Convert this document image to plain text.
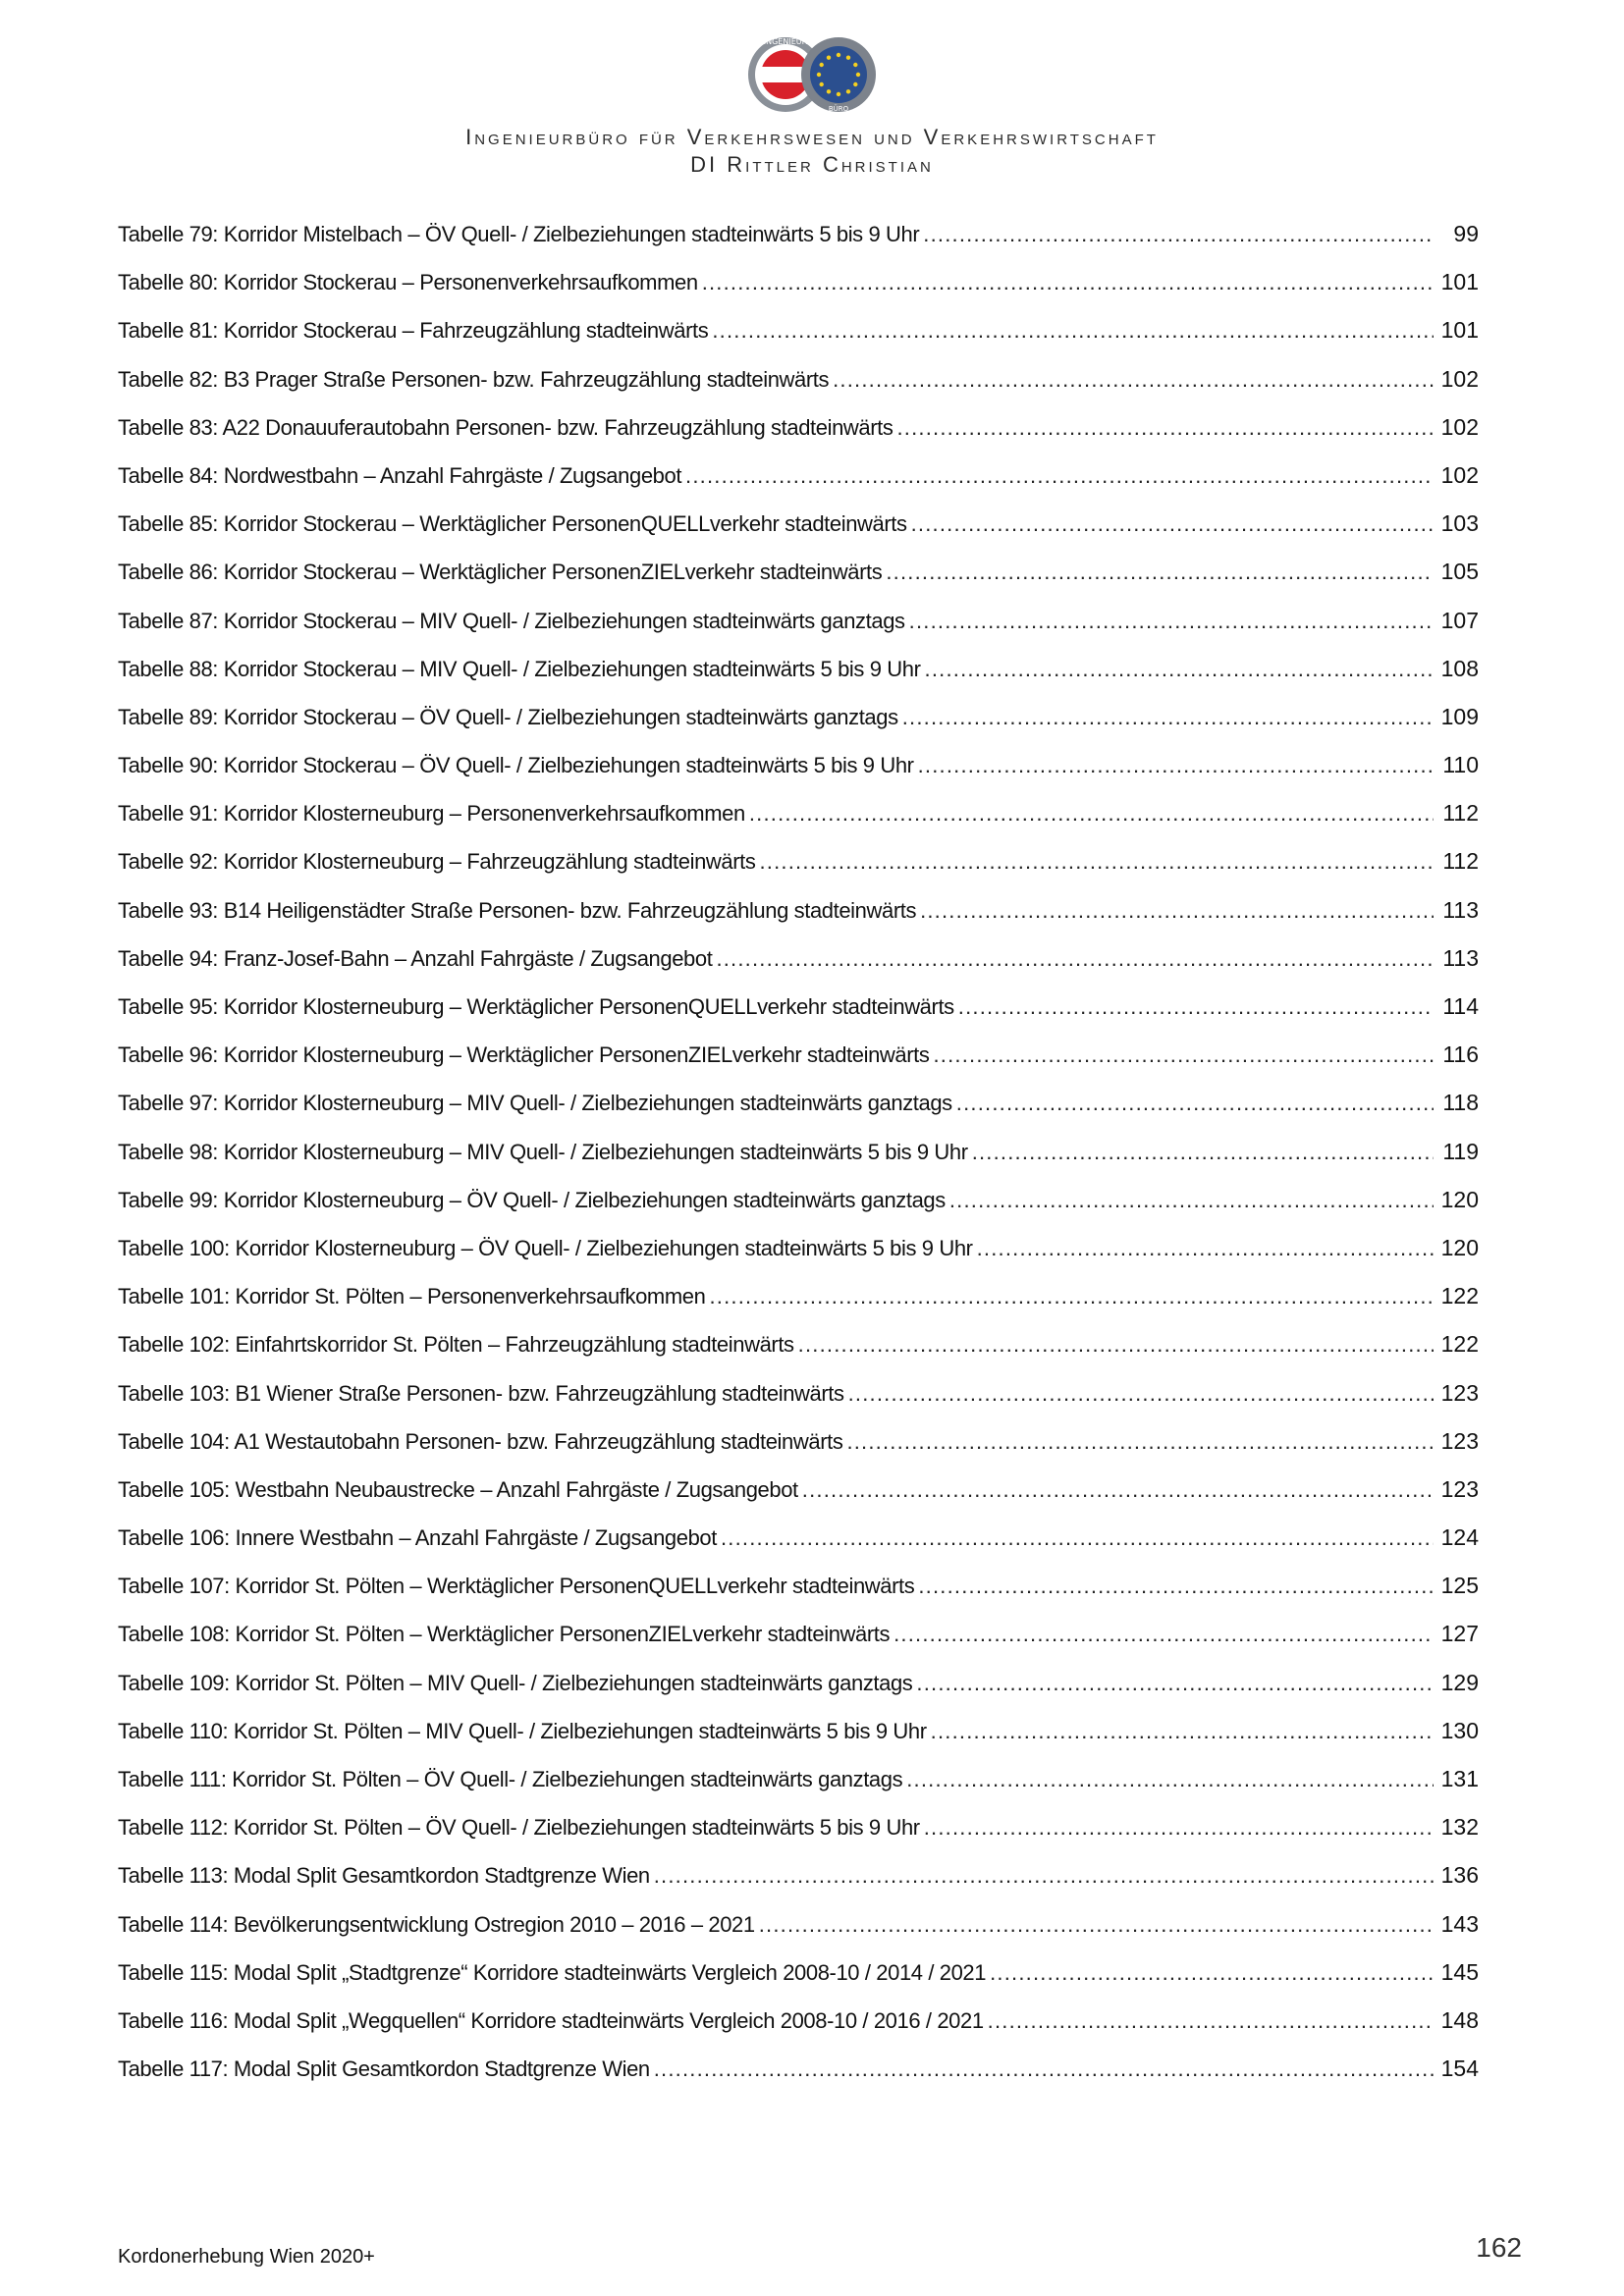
INGENIEUR
BÜRO
Ingenieurbüro für Verkehrswesen und Verkehrswirtschaft
DI Rittler Christian
Tabelle 79: Korridor Mistelbach – ÖV Quell- / Zielbeziehungen stadteinwärts 5 bis 9 Uhr .....	99
Tabelle 80: Korridor Stockerau – Personenverkehrsaufkommen .....	101
Tabelle 81: Korridor Stockerau – Fahrzeugzählung stadteinwärts .....	101
Tabelle 82: B3 Prager Straße Personen- bzw. Fahrzeugzählung stadteinwärts .....	102
Tabelle 83: A22 Donauuferautobahn Personen- bzw. Fahrzeugzählung stadteinwärts .....	102
Tabelle 84: Nordwestbahn – Anzahl Fahrgäste / Zugsangebot .....	102
Tabelle 85: Korridor Stockerau – Werktäglicher PersonenQUELLverkehr stadteinwärts .....	103
Tabelle 86: Korridor Stockerau – Werktäglicher PersonenZIELverkehr stadteinwärts .....	105
Tabelle 87: Korridor Stockerau – MIV Quell- / Zielbeziehungen stadteinwärts ganztags .....	107
Tabelle 88: Korridor Stockerau – MIV Quell- / Zielbeziehungen stadteinwärts 5 bis 9 Uhr .....	108
Tabelle 89: Korridor Stockerau – ÖV Quell- / Zielbeziehungen stadteinwärts ganztags .....	109
Tabelle 90: Korridor Stockerau – ÖV Quell- / Zielbeziehungen stadteinwärts 5 bis 9 Uhr .....	110
Tabelle 91: Korridor Klosterneuburg – Personenverkehrsaufkommen .....	112
Tabelle 92: Korridor Klosterneuburg – Fahrzeugzählung stadteinwärts .....	112
Tabelle 93: B14 Heiligenstädter Straße Personen- bzw. Fahrzeugzählung stadteinwärts .....	113
Tabelle 94: Franz-Josef-Bahn – Anzahl Fahrgäste / Zugsangebot .....	113
Tabelle 95: Korridor Klosterneuburg – Werktäglicher PersonenQUELLverkehr stadteinwärts .....	114
Tabelle 96: Korridor Klosterneuburg – Werktäglicher PersonenZIELverkehr stadteinwärts .....	116
Tabelle 97: Korridor Klosterneuburg – MIV Quell- / Zielbeziehungen stadteinwärts ganztags .....	118
Tabelle 98: Korridor Klosterneuburg – MIV Quell- / Zielbeziehungen stadteinwärts 5 bis 9 Uhr .....	119
Tabelle 99: Korridor Klosterneuburg – ÖV Quell- / Zielbeziehungen stadteinwärts ganztags .....	120
Tabelle 100: Korridor Klosterneuburg – ÖV Quell- / Zielbeziehungen stadteinwärts 5 bis 9 Uhr .....	120
Tabelle 101: Korridor St. Pölten – Personenverkehrsaufkommen .....	122
Tabelle 102: Einfahrtskorridor St. Pölten – Fahrzeugzählung stadteinwärts .....	122
Tabelle 103: B1 Wiener Straße Personen- bzw. Fahrzeugzählung stadteinwärts .....	123
Tabelle 104: A1 Westautobahn Personen- bzw. Fahrzeugzählung stadteinwärts .....	123
Tabelle 105: Westbahn Neubaustrecke – Anzahl Fahrgäste / Zugsangebot .....	123
Tabelle 106: Innere Westbahn – Anzahl Fahrgäste / Zugsangebot .....	124
Tabelle 107: Korridor St. Pölten – Werktäglicher PersonenQUELLverkehr stadteinwärts .....	125
Tabelle 108: Korridor St. Pölten – Werktäglicher PersonenZIELverkehr stadteinwärts .....	127
Tabelle 109: Korridor St. Pölten – MIV Quell- / Zielbeziehungen stadteinwärts ganztags .....	129
Tabelle 110: Korridor St. Pölten – MIV Quell- / Zielbeziehungen stadteinwärts 5 bis 9 Uhr .....	130
Tabelle 111: Korridor St. Pölten – ÖV Quell- / Zielbeziehungen stadteinwärts ganztags .....	131
Tabelle 112: Korridor St. Pölten – ÖV Quell- / Zielbeziehungen stadteinwärts 5 bis 9 Uhr .....	132
Tabelle 113: Modal Split Gesamtkordon Stadtgrenze Wien .....	136
Tabelle 114: Bevölkerungsentwicklung Ostregion 2010 – 2016 – 2021 .....	143
Tabelle 115: Modal Split „Stadtgrenze“ Korridore stadteinwärts Vergleich 2008-10 / 2014 / 2021 .....	145
Tabelle 116: Modal Split „Wegquellen“ Korridore stadteinwärts Vergleich 2008-10 / 2016 / 2021 .....	148
Tabelle 117: Modal Split Gesamtkordon Stadtgrenze Wien .....	154
Kordonerhebung Wien 2020+	162
